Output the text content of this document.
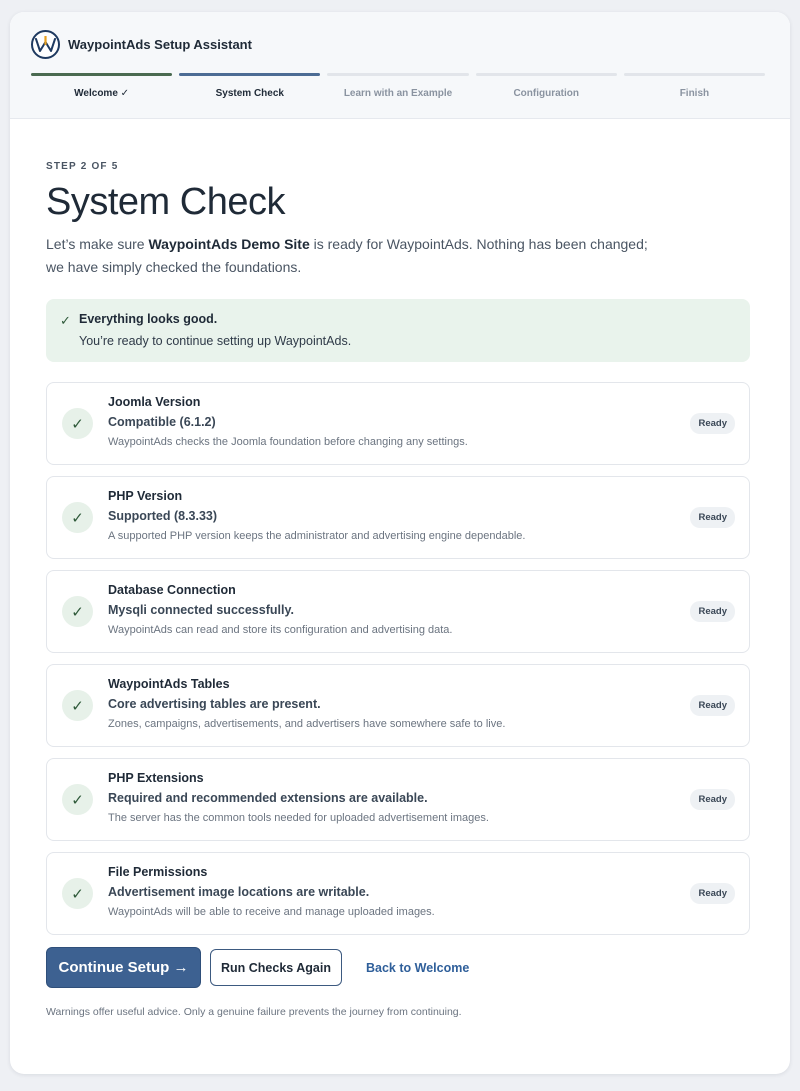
WaypointAds Setup Assistant
Welcome ✓	System Check	Learn with an Example	Configuration	Finish
STEP 2 OF 5
System Check

Let’s make sure WaypointAds Demo Site is ready for WaypointAds. Nothing has been changed; we have simply checked the foundations.

✓ Everything looks good.
You’re ready to continue setting up WaypointAds.
✓
Joomla Version
Compatible (6.1.2)
WaypointAds checks the Joomla foundation before changing any settings.
Ready
✓
PHP Version
Supported (8.3.33)
A supported PHP version keeps the administrator and advertising engine dependable.
Ready
✓
Database Connection
Mysqli connected successfully.
WaypointAds can read and store its configuration and advertising data.
Ready
✓
WaypointAds Tables
Core advertising tables are present.
Zones, campaigns, advertisements, and advertisers have somewhere safe to live.
Ready
✓
PHP Extensions
Required and recommended extensions are available.
The server has the common tools needed for uploaded advertisement images.
Ready
✓
File Permissions
Advertisement image locations are writable.
WaypointAds will be able to receive and manage uploaded images.
Ready
Continue Setup →	Run Checks Again	Back to Welcome

Warnings offer useful advice. Only a genuine failure prevents the journey from continuing.
